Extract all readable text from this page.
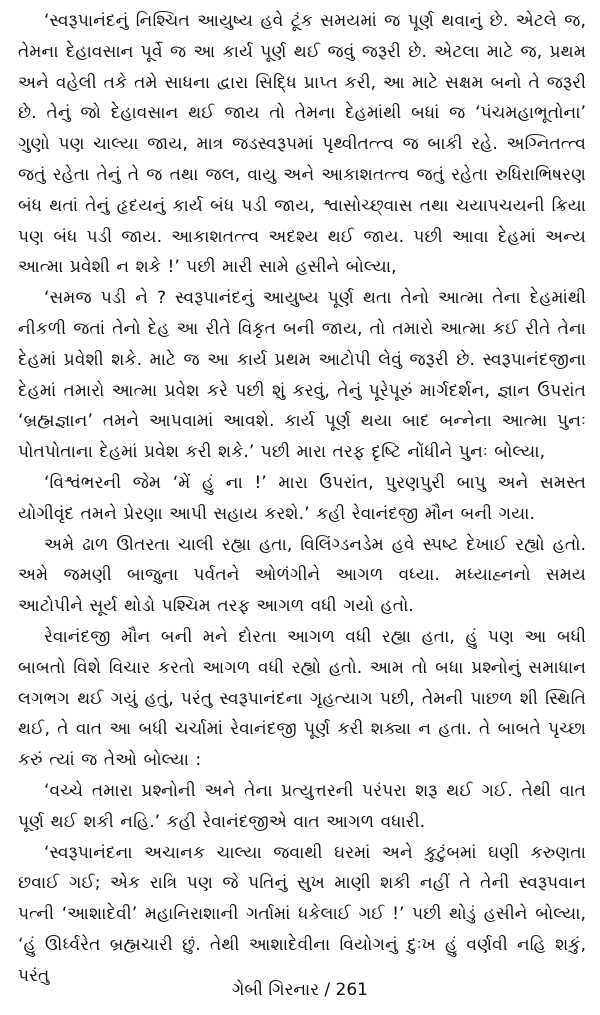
‘સ્વરૂપાનંદનું નિશ્ચિત આયુષ્ય હવે ટૂંક સમયમાં જ પૂર્ણ થવાનું છે. એટલે જ, તેમના દેહાવસાન પૂર્વે જ આ કાર્ય પૂર્ણ થઈ જવું જરૂરી છે. એટલા માટે જ, પ્રથમ અને વહેલી તકે તમે સાધના દ્વારા સિદ્ધિ પ્રાપ્ત કરી, આ માટે સક્ષમ બનો તે જરૂરી છે. તેનું જો દેહાવસાન થઈ જાય તો તેમના દેહમાંથી બધાં જ ‘પંચમહાભૂતોના’ ગુણો પણ ચાલ્યા જાય, માત્ર જડસ્વરૂપમાં પૃથ્વીતત્ત્વ જ બાકી રહે. અગ્નિતત્ત્વ જતું રહેતા તેનું તે જ તથા જલ, વાયુ અને આકાશતત્ત્વ જતું રહેતા રુધિરાભિષરણ બંધ થતાં તેનું હૃદયનું કાર્ય બંધ પડી જાય, શ્વાસોચ્છ્‌વાસ તથા ચયાપચયની ક્રિયા પણ બંધ પડી જાય. આકાશતત્ત્વ અદશ્ય થઈ જાય. પછી આવા દેહમાં અન્ય આત્મા પ્રવેશી ન શકે !’ પછી મારી સામે હસીને બોલ્યા,

‘સમજ પડી ને ? સ્વરૂપાનંદનું આયુષ્ય પૂર્ણ થતા તેનો આત્મા તેના દેહમાંથી નીકળી જતાં તેનો દેહ આ રીતે વિકૃત બની જાય, તો તમારો આત્મા કઈ રીતે તેના દેહમાં પ્રવેશી શકે. માટે જ આ કાર્ય પ્રથમ આટોપી લેવું જરૂરી છે. સ્વરૂપાનંદજીના દેહમાં તમારો આત્મા પ્રવેશ કરે પછી શું કરવું, તેનું પૂરેપૂરું માર્ગદર્શન, જ્ઞાન ઉપરાંત ‘બ્રહ્મજ્ઞાન’ તમને આપવામાં આવશે. કાર્ય પૂર્ણ થયા બાદ બન્નેના આત્મા પુનઃ પોતપોતાના દેહમાં પ્રવેશ કરી શકે.’ પછી મારા તરફ દૃષ્ટિ નોંધીને પુનઃ બોલ્યા,

‘વિશ્વંભરની જેમ ‘મેં હું ના !’ મારા ઉપરાંત, પુરણપુરી બાપુ અને સમસ્ત યોગીવૃંદ તમને પ્રેરણા આપી સહાય કરશે.’ કહી રેવાનંદજી મૌન બની ગયા.

અમે ઢાળ ઊતરતા ચાલી રહ્યા હતા, વિલિંગ્ડનડેમ હવે સ્પષ્ટ દેખાઈ રહ્યો હતો. અમે જમણી બાજુના પર્વતને ઓળંગીને આગળ વધ્યા. મધ્યાહ્નનો સમય આટોપીને સૂર્ય થોડો પશ્ચિમ તરફ આગળ વધી ગયો હતો.

રેવાનંદજી મૌન બની મને દોરતા આગળ વધી રહ્યા હતા, હું પણ આ બધી બાબતો વિશે વિચાર કરતો આગળ વધી રહ્યો હતો. આમ તો બધા પ્રશ્નોનું સમાધાન લગભગ થઈ ગયું હતું, પરંતુ સ્વરૂપાનંદના ગૃહત્યાગ પછી, તેમની પાછળ શી સ્થિતિ થઈ, તે વાત આ બધી ચર્ચામાં રેવાનંદજી પૂર્ણ કરી શક્યા ન હતા. તે બાબતે પૃચ્છા કરું ત્યાં જ તેઓ બોલ્યા :

‘વચ્ચે તમારા પ્રશ્નોની અને તેના પ્રત્યુત્તરની પરંપરા શરૂ થઈ ગઈ. તેથી વાત પૂર્ણ થઈ શકી નહિ.’ કહી રેવાનંદજીએ વાત આગળ વધારી.

‘સ્વરૂપાનંદના અચાનક ચાલ્યા જવાથી ઘરમાં અને કુટુંબમાં ઘણી કરુણતા છવાઈ ગઈ; એક રાત્રિ પણ જે પતિનું સુખ માણી શકી નહીં તે તેની સ્વરૂપવાન પત્ની ‘આશાદેવી’ મહાનિરાશાની ગર્તામાં ધકેલાઈ ગઈ !’ પછી થોડું હસીને બોલ્યા, ‘હું ઊર્ધ્વરેત બ્રહ્મચારી છું. તેથી આશાદેવીના વિયોગનું દુઃખ હું વર્ણવી નહિ શકું, પરંતુ

ગેબી ગિરનાર / 261
